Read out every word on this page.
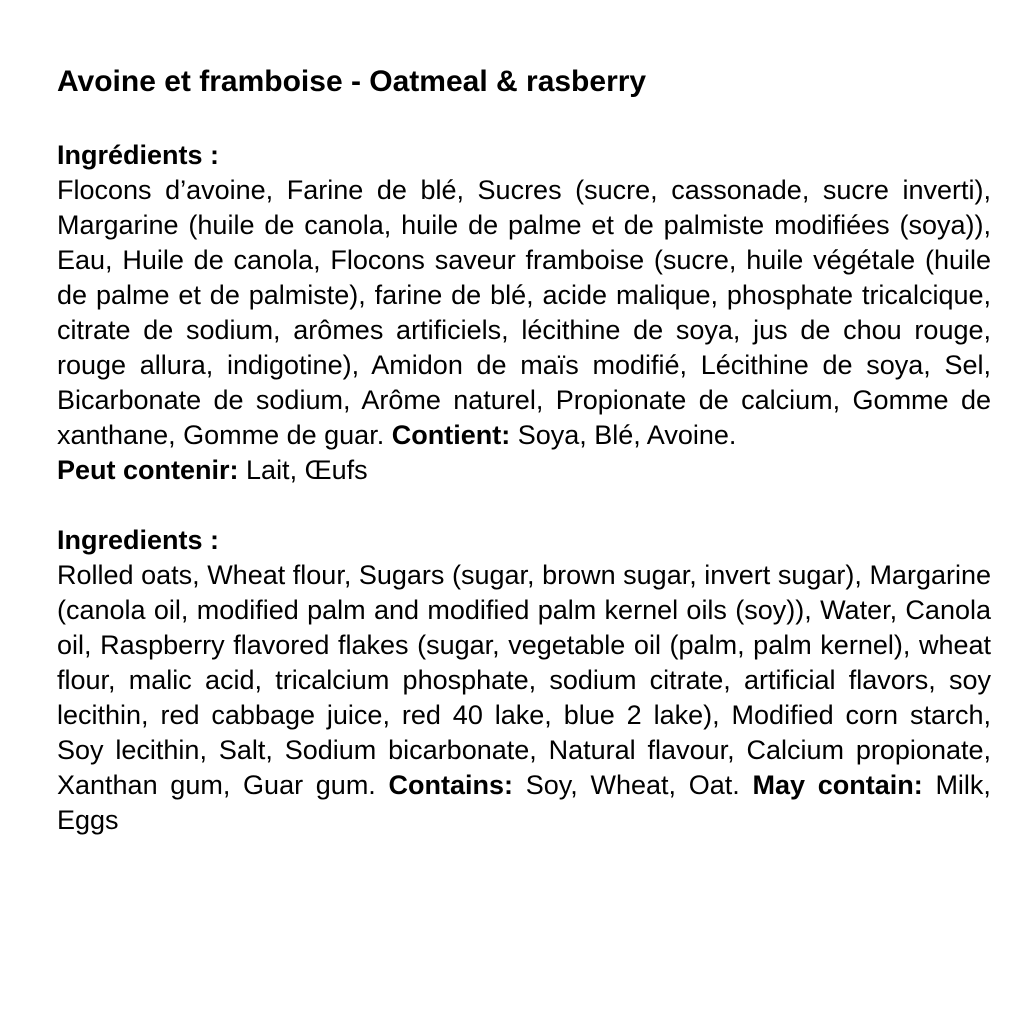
Avoine et framboise - Oatmeal & rasberry

Ingrédients :

Flocons d’avoine, Farine de blé, Sucres (sucre, cassonade, sucre inverti), Margarine (huile de canola, huile de palme et de palmiste modifiées (soya)), Eau, Huile de canola, Flocons saveur framboise (sucre, huile végétale (huile de palme et de palmiste), farine de blé, acide malique, phosphate tricalcique, citrate de sodium, arômes artificiels, lécithine de soya, jus de chou rouge, rouge allura, indigotine), Amidon de maïs modifié, Lécithine de soya, Sel, Bicarbonate de sodium, Arôme naturel, Propionate de calcium, Gomme de xanthane, Gomme de guar. Contient: Soya, Blé, Avoine.

Peut contenir: Lait, Œufs

Ingredients :

Rolled oats, Wheat flour, Sugars (sugar, brown sugar, invert sugar), Margarine (canola oil, modified palm and modified palm kernel oils (soy)), Water, Canola oil, Raspberry flavored flakes (sugar, vegetable oil (palm, palm kernel), wheat flour, malic acid, tricalcium phosphate, sodium citrate, artificial flavors, soy lecithin, red cabbage juice, red 40 lake, blue 2 lake), Modified corn starch, Soy lecithin, Salt, Sodium bicarbonate, Natural flavour, Calcium propionate, Xanthan gum, Guar gum. Contains: Soy, Wheat, Oat. May contain: Milk, Eggs
